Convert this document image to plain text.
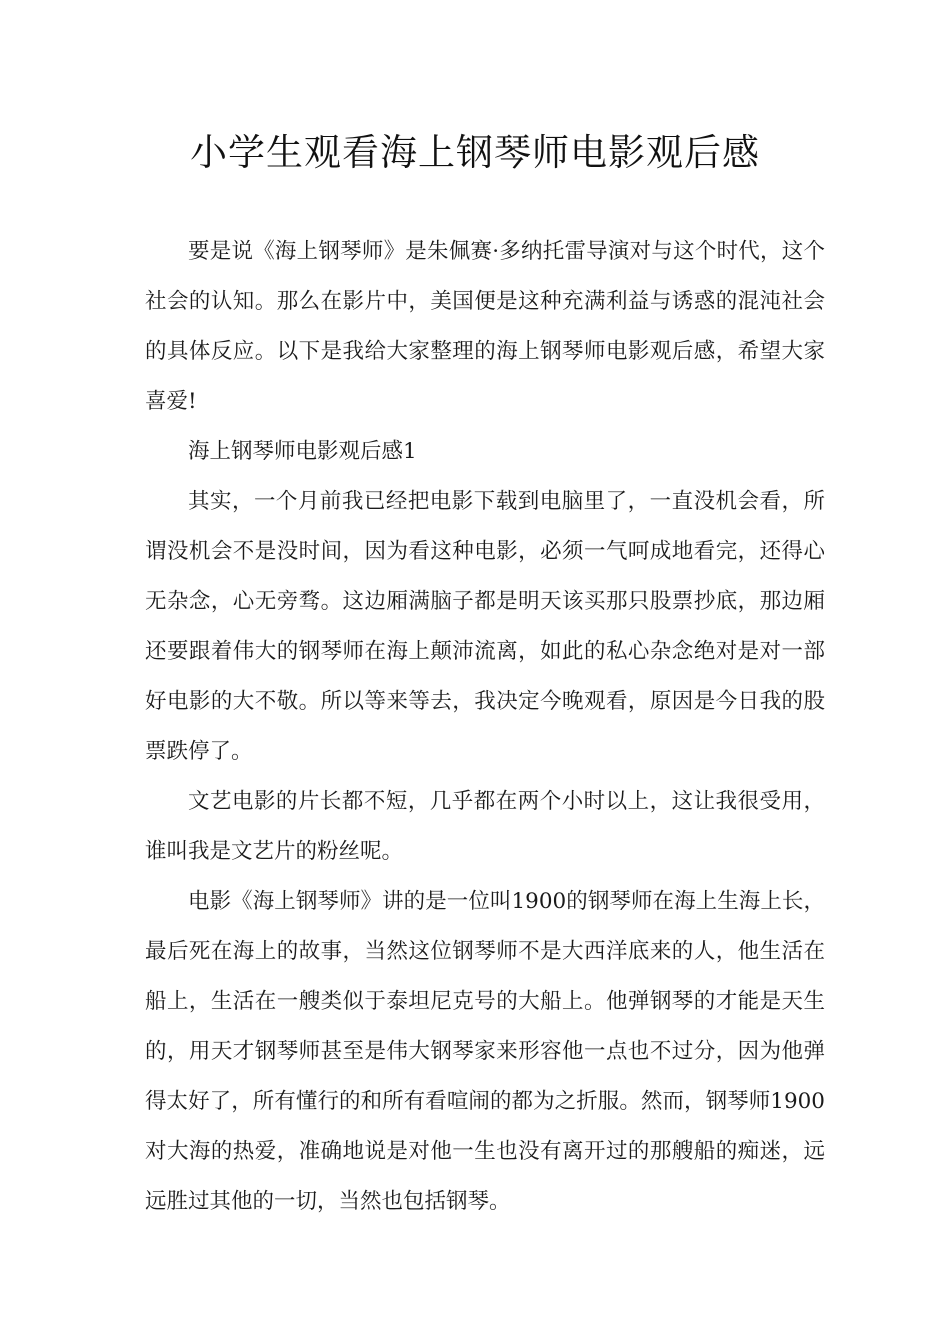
小学生观看海上钢琴师电影观后感

要是说《海上钢琴师》是朱佩赛·多纳托雷导演对与这个时代，这个社会的认知。那么在影片中，美国便是这种充满利益与诱惑的混沌社会的具体反应。以下是我给大家整理的海上钢琴师电影观后感，希望大家喜爱!

海上钢琴师电影观后感1

其实，一个月前我已经把电影下载到电脑里了，一直没机会看，所谓没机会不是没时间，因为看这种电影，必须一气呵成地看完，还得心无杂念，心无旁骛。这边厢满脑子都是明天该买那只股票抄底，那边厢还要跟着伟大的钢琴师在海上颠沛流离，如此的私心杂念绝对是对一部好电影的大不敬。所以等来等去，我决定今晚观看，原因是今日我的股票跌停了。

文艺电影的片长都不短，几乎都在两个小时以上，这让我很受用，谁叫我是文艺片的粉丝呢。

电影《海上钢琴师》讲的是一位叫1900的钢琴师在海上生海上长，最后死在海上的故事，当然这位钢琴师不是大西洋底来的人，他生活在船上，生活在一艘类似于泰坦尼克号的大船上。他弹钢琴的才能是天生的，用天才钢琴师甚至是伟大钢琴家来形容他一点也不过分，因为他弹得太好了，所有懂行的和所有看喧闹的都为之折服。然而，钢琴师1900对大海的热爱，准确地说是对他一生也没有离开过的那艘船的痴迷，远远胜过其他的一切，当然也包括钢琴。
